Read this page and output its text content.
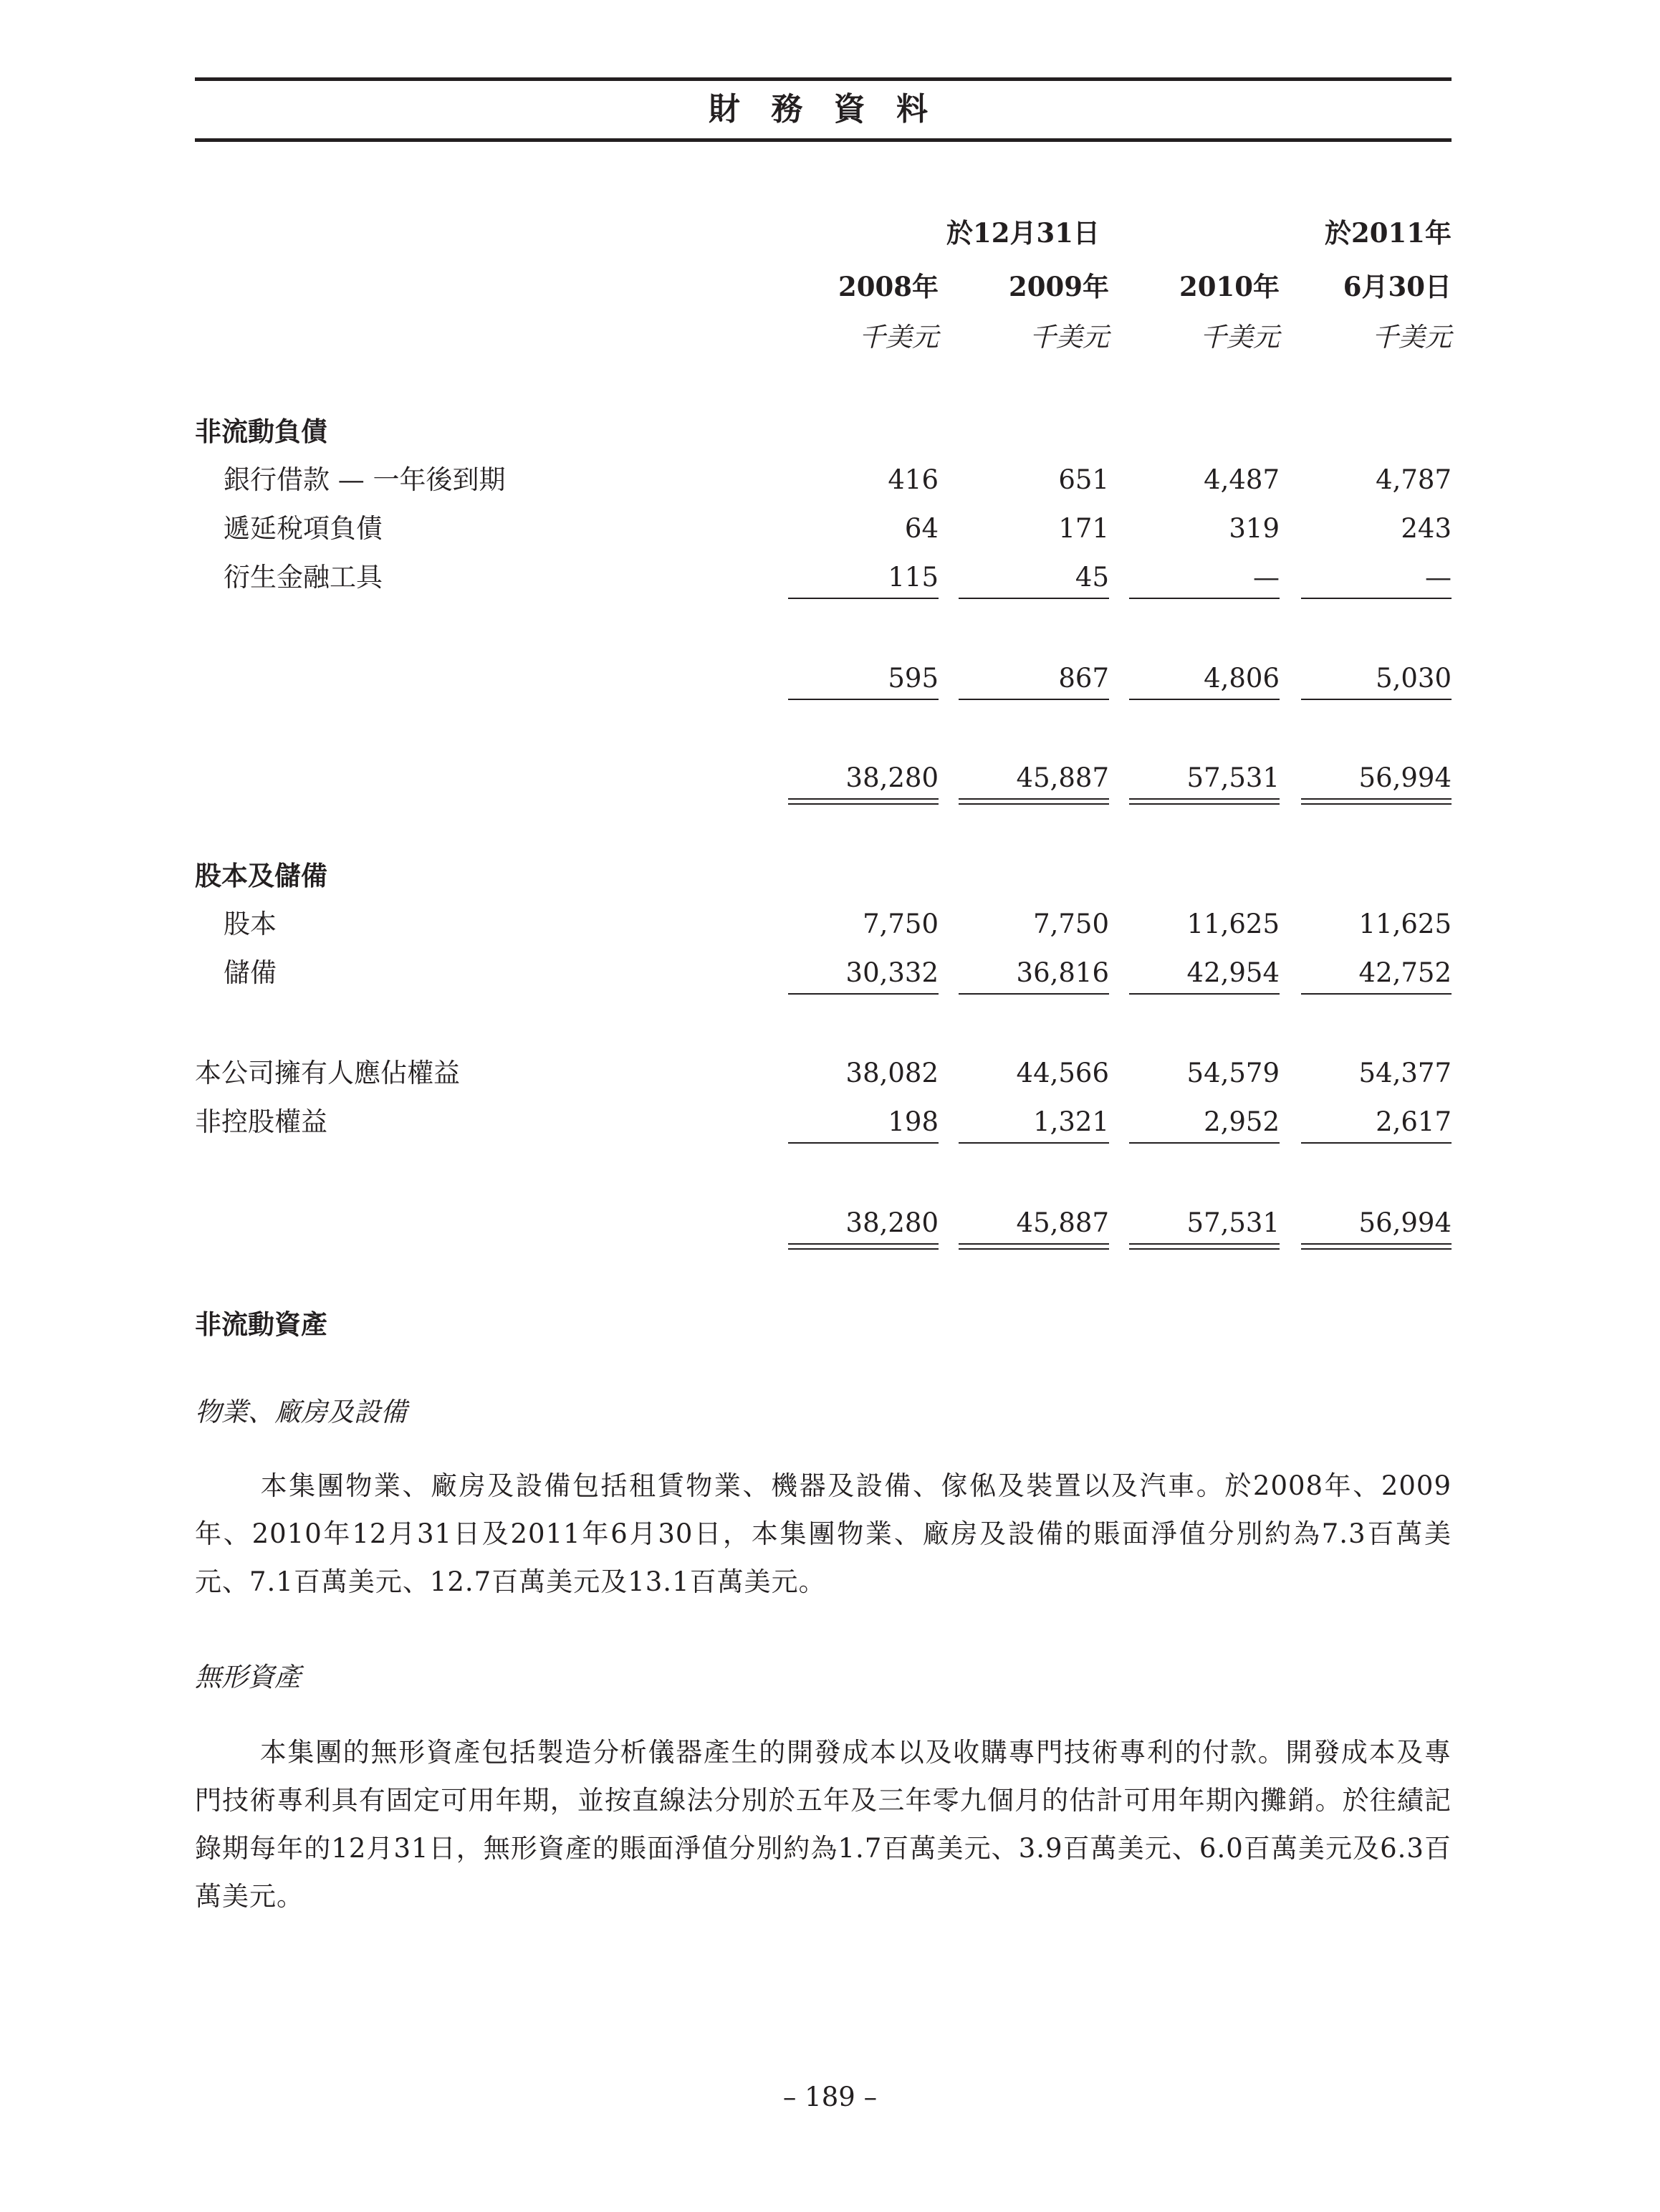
財 務 資 料
於12月31日	於2011年
2008年	2009年	2010年	6月30日
千美元	千美元	千美元	千美元
非流動負債
銀行借款 — 一年後到期	416	651	4,487	4,787
遞延稅項負債	64	171	319	243
衍生金融工具	115	45	—	—
595	867	4,806	5,030
38,280	45,887	57,531	56,994
股本及儲備
股本	7,750	7,750	11,625	11,625
儲備	30,332	36,816	42,954	42,752
本公司擁有人應佔權益	38,082	44,566	54,579	54,377
非控股權益	198	1,321	2,952	2,617
38,280	45,887	57,531	56,994
非流動資產
物業、廠房及設備
本集團物業、廠房及設備包括租賃物業、機器及設備、傢俬及裝置以及汽車。於2008年、2009年、2010年12月31日及2011年6月30日，本集團物業、廠房及設備的賬面淨值分別約為7.3百萬美元、7.1百萬美元、12.7百萬美元及13.1百萬美元。
無形資產
本集團的無形資產包括製造分析儀器產生的開發成本以及收購專門技術專利的付款。開發成本及專門技術專利具有固定可用年期，並按直線法分別於五年及三年零九個月的估計可用年期內攤銷。於往績記錄期每年的12月31日，無形資產的賬面淨值分別約為1.7百萬美元、3.9百萬美元、6.0百萬美元及6.3百萬美元。
– 189 –
